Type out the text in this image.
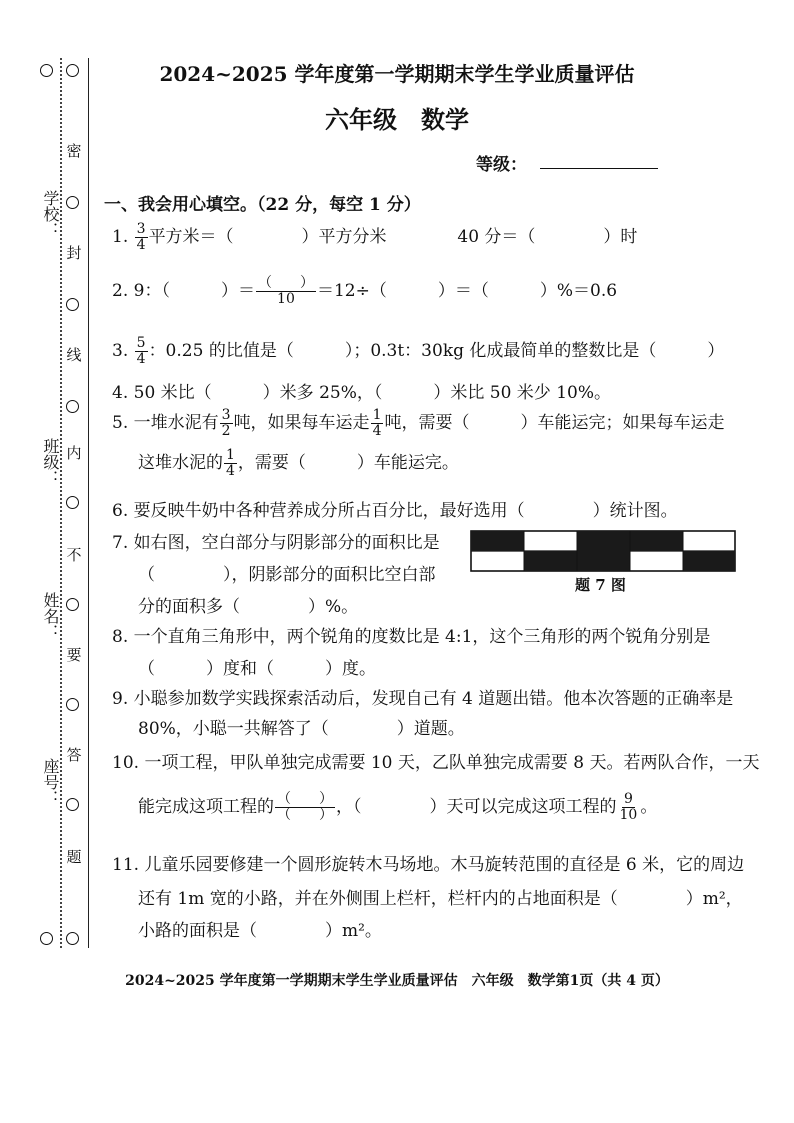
密
封
线
内
不
要
答
题
学校：
班级：
姓名：
座号：
2024~2025 学年度第一学期期末学生学业质量评估
六年级　数学
等级：
一、我会用心填空。（22 分，每空 1 分）
1. $\frac{3}{4}$ 平方米＝（　　　　）平方分米	40 分＝（　　　　）时
2. 9：（　　　）＝ $\frac{( )}{10} =12\div$（　　　）＝（　　　）%＝0.6
3. $\frac{5}{4}$ ：0.25 的比值是（　　　）；0.3t：30kg 化成最简单的整数比是（　　　）
4. 50 米比（　　　）米多 25%，（　　　）米比 50 米少 10%。
5. 一堆水泥有 $\frac{3}{2}$ 吨，如果每车运走 $\frac{1}{4}$ 吨，需要（　　　）车能运完；如果每车运走
这堆水泥的 $\frac{1}{4}$ ，需要（　　　）车能运完。
6. 要反映牛奶中各种营养成分所占百分比，最好选用（　　　　）统计图。
7. 如右图，空白部分与阴影部分的面积比是
（　　　　），阴影部分的面积比空白部
分的面积多（　　　　）%。
题 7 图
8. 一个直角三角形中，两个锐角的度数比是 4:1，这个三角形的两个锐角分别是
（　　　）度和（　　　）度。
9. 小聪参加数学实践探索活动后，发现自己有 4 道题出错。他本次答题的正确率是
80%，小聪一共解答了（　　　　）道题。
10. 一项工程，甲队单独完成需要 10 天，乙队单独完成需要 8 天。若两队合作，一天
能完成这项工程的 $\frac{( )}{( )}$ ，（　　　　）天可以完成这项工程的 $\frac{9}{10}$ 。
11. 儿童乐园要修建一个圆形旋转木马场地。木马旋转范围的直径是 6 米，它的周边
还有 1m 宽的小路，并在外侧围上栏杆，栏杆内的占地面积是（　　　　）m²，
小路的面积是（　　　　）m²。
2024~2025 学年度第一学期期末学生学业质量评估　六年级　数学第1页（共 4 页）
